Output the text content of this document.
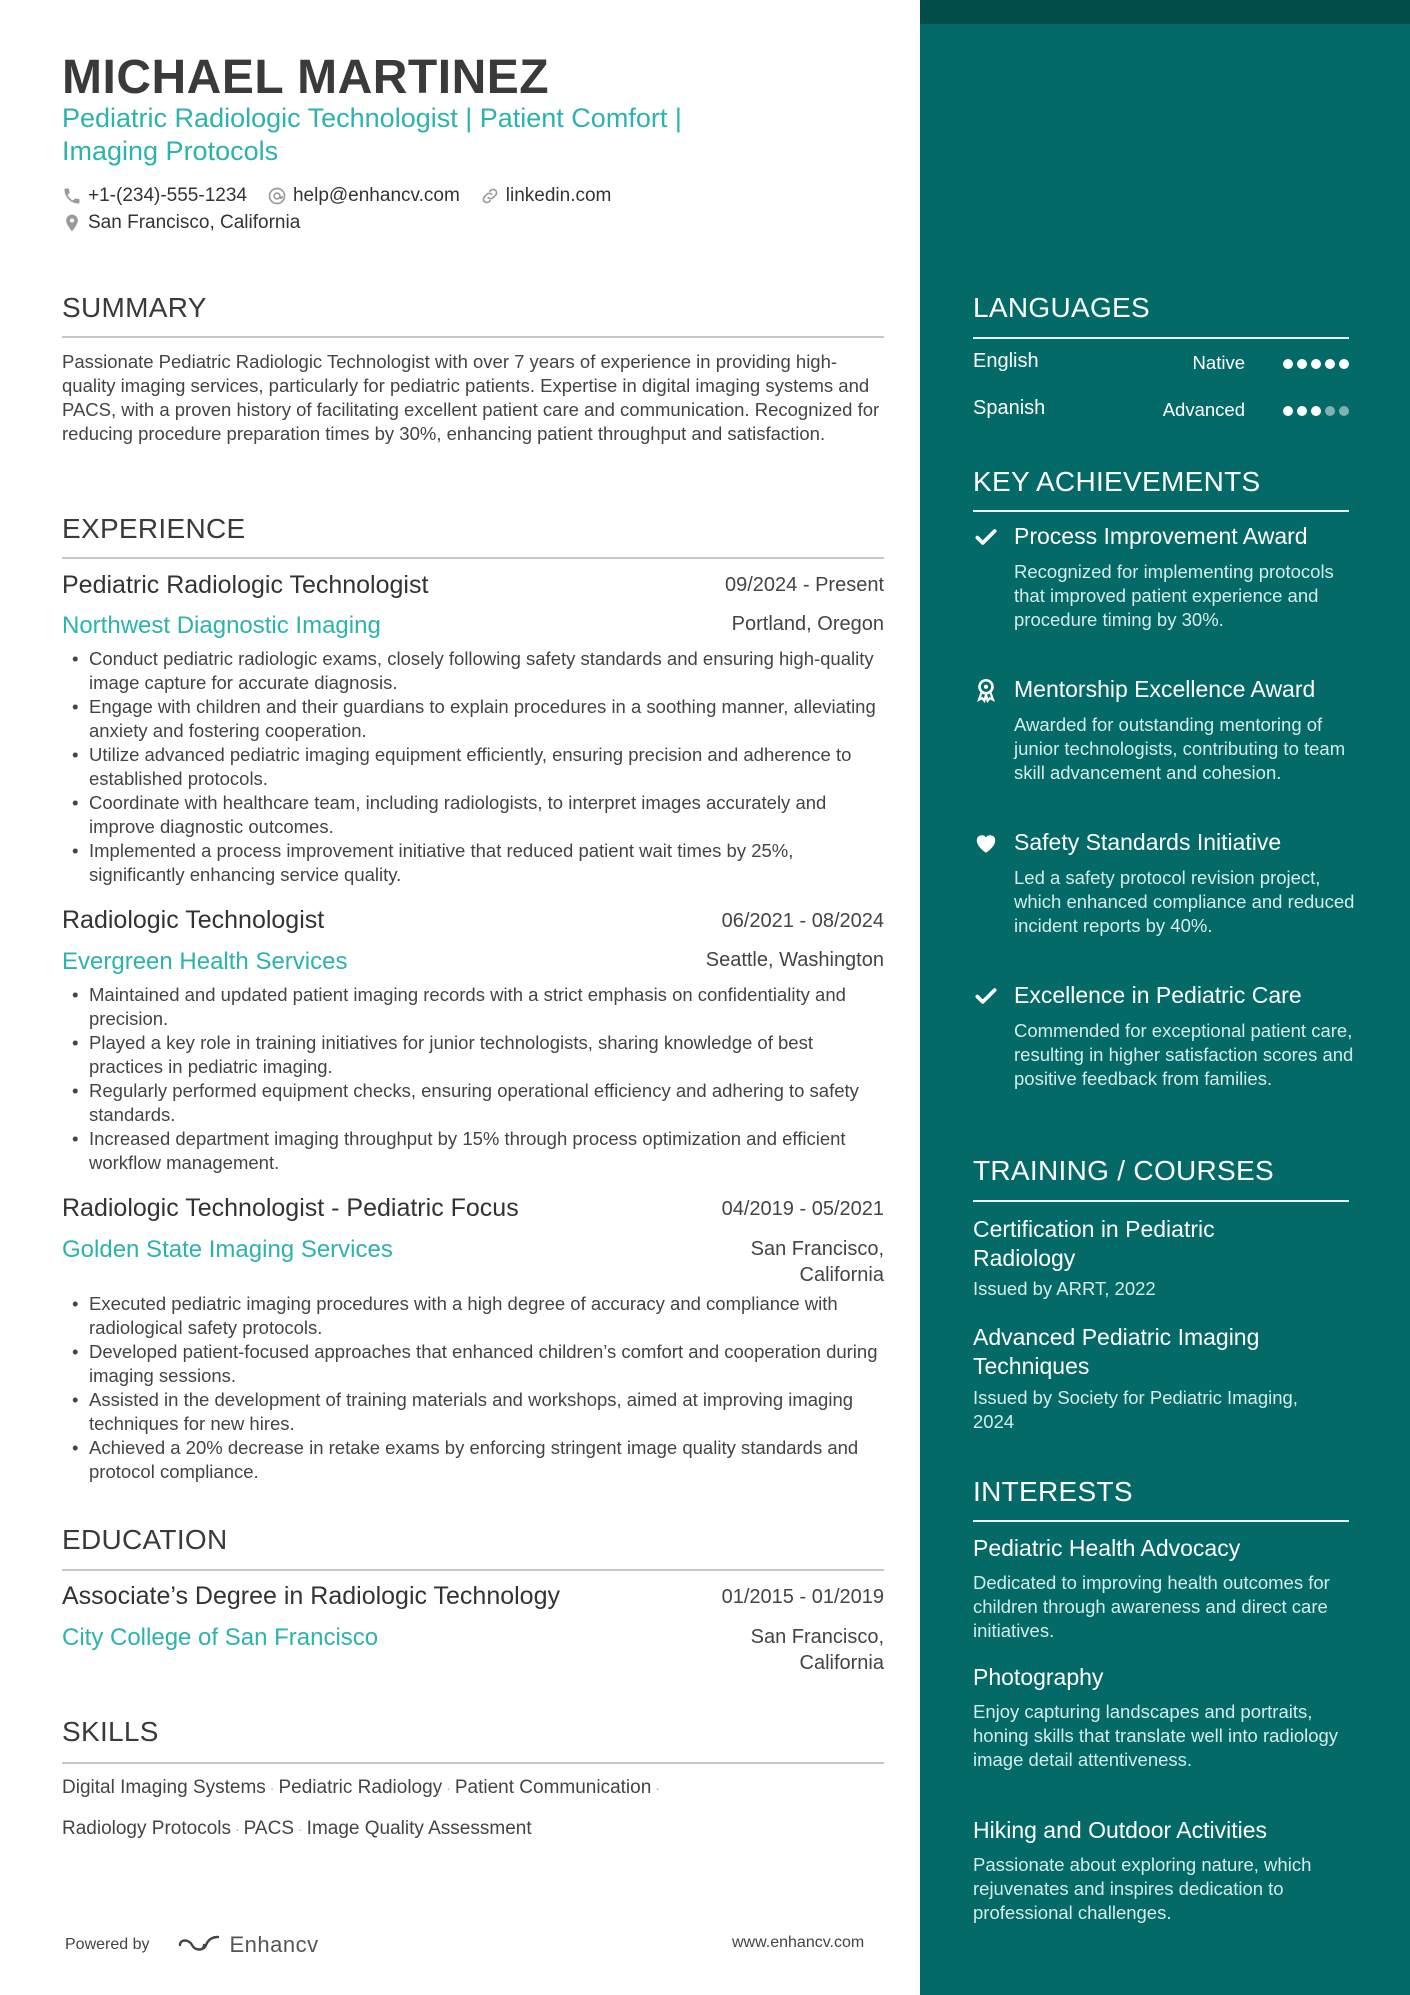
MICHAEL MARTINEZ
Pediatric Radiologic Technologist | Patient Comfort | Imaging Protocols
+1-(234)-555-1234 help@enhancv.com linkedin.com
San Francisco, California
SUMMARY
Passionate Pediatric Radiologic Technologist with over 7 years of experience in providing high-quality imaging services, particularly for pediatric patients. Expertise in digital imaging systems and PACS, with a proven history of facilitating excellent patient care and communication. Recognized for reducing procedure preparation times by 30%, enhancing patient throughput and satisfaction.
EXPERIENCE
Pediatric Radiologic Technologist	09/2024 - Present
Northwest Diagnostic Imaging	Portland, Oregon
• Conduct pediatric radiologic exams, closely following safety standards and ensuring high-quality image capture for accurate diagnosis.
• Engage with children and their guardians to explain procedures in a soothing manner, alleviating anxiety and fostering cooperation.
• Utilize advanced pediatric imaging equipment efficiently, ensuring precision and adherence to established protocols.
• Coordinate with healthcare team, including radiologists, to interpret images accurately and improve diagnostic outcomes.
• Implemented a process improvement initiative that reduced patient wait times by 25%, significantly enhancing service quality.
Radiologic Technologist	06/2021 - 08/2024
Evergreen Health Services	Seattle, Washington
• Maintained and updated patient imaging records with a strict emphasis on confidentiality and precision.
• Played a key role in training initiatives for junior technologists, sharing knowledge of best practices in pediatric imaging.
• Regularly performed equipment checks, ensuring operational efficiency and adhering to safety standards.
• Increased department imaging throughput by 15% through process optimization and efficient workflow management.
Radiologic Technologist - Pediatric Focus	04/2019 - 05/2021
Golden State Imaging Services	San Francisco,
California
• Executed pediatric imaging procedures with a high degree of accuracy and compliance with radiological safety protocols.
• Developed patient-focused approaches that enhanced children’s comfort and cooperation during imaging sessions.
• Assisted in the development of training materials and workshops, aimed at improving imaging techniques for new hires.
• Achieved a 20% decrease in retake exams by enforcing stringent image quality standards and protocol compliance.
EDUCATION
Associate’s Degree in Radiologic Technology	01/2015 - 01/2019
City College of San Francisco	San Francisco,
California
SKILLS
Digital Imaging Systems · Pediatric Radiology · Patient Communication ·
Radiology Protocols · PACS · Image Quality Assessment
Powered by	Enhancv	www.enhancv.com
LANGUAGES
English	Native
Spanish	Advanced
KEY ACHIEVEMENTS
Process Improvement Award
Recognized for implementing protocols that improved patient experience and procedure timing by 30%.
Mentorship Excellence Award
Awarded for outstanding mentoring of junior technologists, contributing to team skill advancement and cohesion.
Safety Standards Initiative
Led a safety protocol revision project, which enhanced compliance and reduced incident reports by 40%.
Excellence in Pediatric Care
Commended for exceptional patient care, resulting in higher satisfaction scores and positive feedback from families.
TRAINING / COURSES
Certification in Pediatric Radiology
Issued by ARRT, 2022
Advanced Pediatric Imaging Techniques
Issued by Society for Pediatric Imaging, 2024
INTERESTS
Pediatric Health Advocacy
Dedicated to improving health outcomes for children through awareness and direct care initiatives.
Photography
Enjoy capturing landscapes and portraits, honing skills that translate well into radiology image detail attentiveness.
Hiking and Outdoor Activities
Passionate about exploring nature, which rejuvenates and inspires dedication to professional challenges.
